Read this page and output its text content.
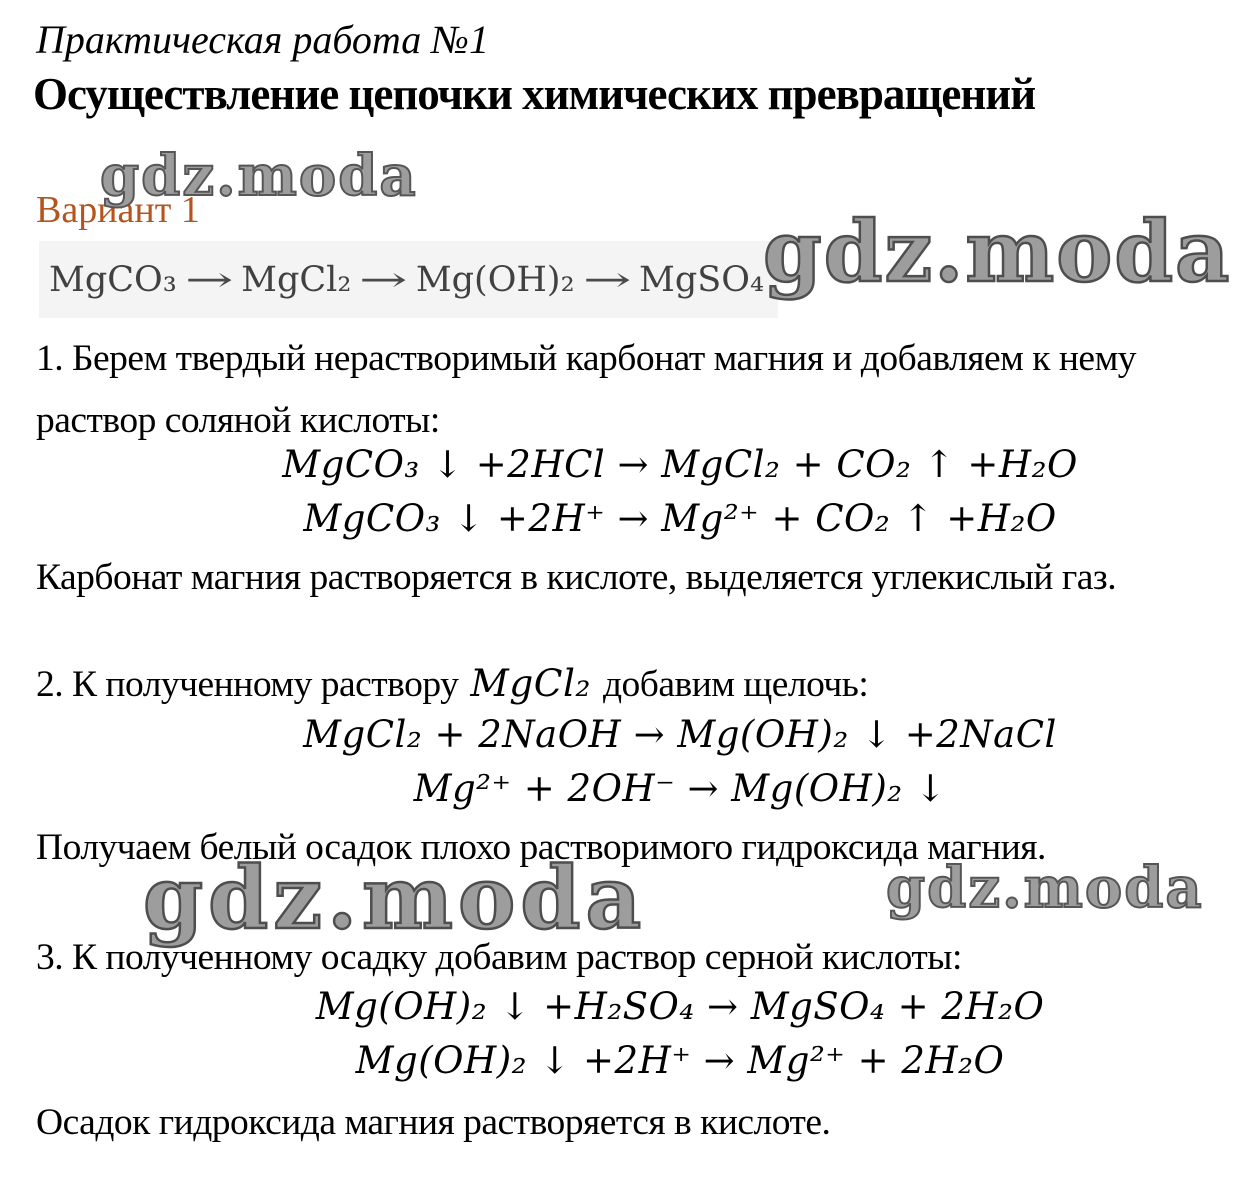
Практическая работа №1
Осуществление цепочки химических превращений
gdz.moda
Вариант 1
MgCO₃ → MgCl₂ → Mg(OH)₂ → MgSO₄ gdz.moda

1. Берем твердый нерастворимый карбонат магния и добавляем к нему раствор соляной кислоты:

MgCO₃ ↓ +2HCl → MgCl₂ + CO₂ ↑ +H₂O
MgCO₃ ↓ +2H⁺ → Mg²⁺ + CO₂ ↑ +H₂O

Карбонат магния растворяется в кислоте, выделяется углекислый газ.

2. К полученному раствору MgCl₂ добавим щелочь:

MgCl₂ + 2NaOH → Mg(OH)₂ ↓ +2NaCl
Mg²⁺ + 2OH⁻ → Mg(OH)₂ ↓

Получаем белый осадок плохо растворимого гидроксида магния.

gdz.moda	gdz.moda

3. К полученному осадку добавим раствор серной кислоты:

Mg(OH)₂ ↓ +H₂SO₄ → MgSO₄ + 2H₂O
Mg(OH)₂ ↓ +2H⁺ → Mg²⁺ + 2H₂O

Осадок гидроксида магния растворяется в кислоте.
